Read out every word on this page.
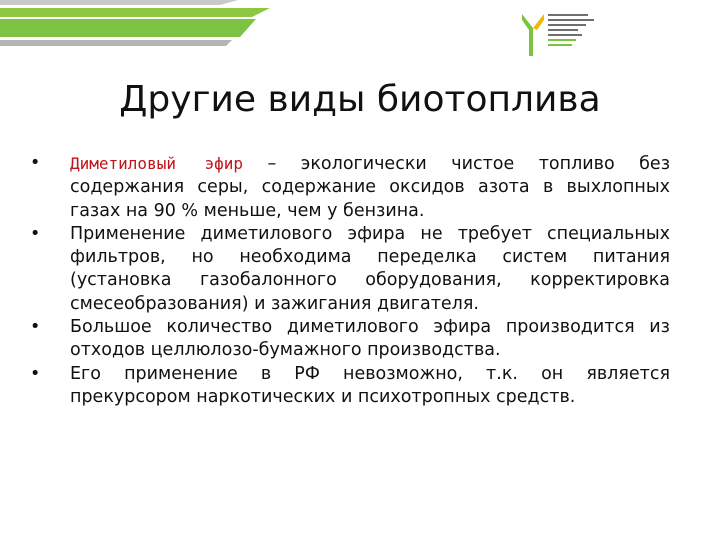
Другие виды биотоплива
•	Диметиловый эфир – экологически чистое топливо без содержания серы, содержание оксидов азота в выхлопных газах на 90 % меньше, чем у бензина.
•	Применение диметилового эфира не требует специальных фильтров, но необходима переделка систем питания (установка газобалонного оборудования, корректировка смесеобразования) и зажигания двигателя.
•	Большое количество диметилового эфира производится из отходов целлюлозо-бумажного производства.
•	Его применение в РФ невозможно, т.к. он является прекурсором наркотических и психотропных средств.
